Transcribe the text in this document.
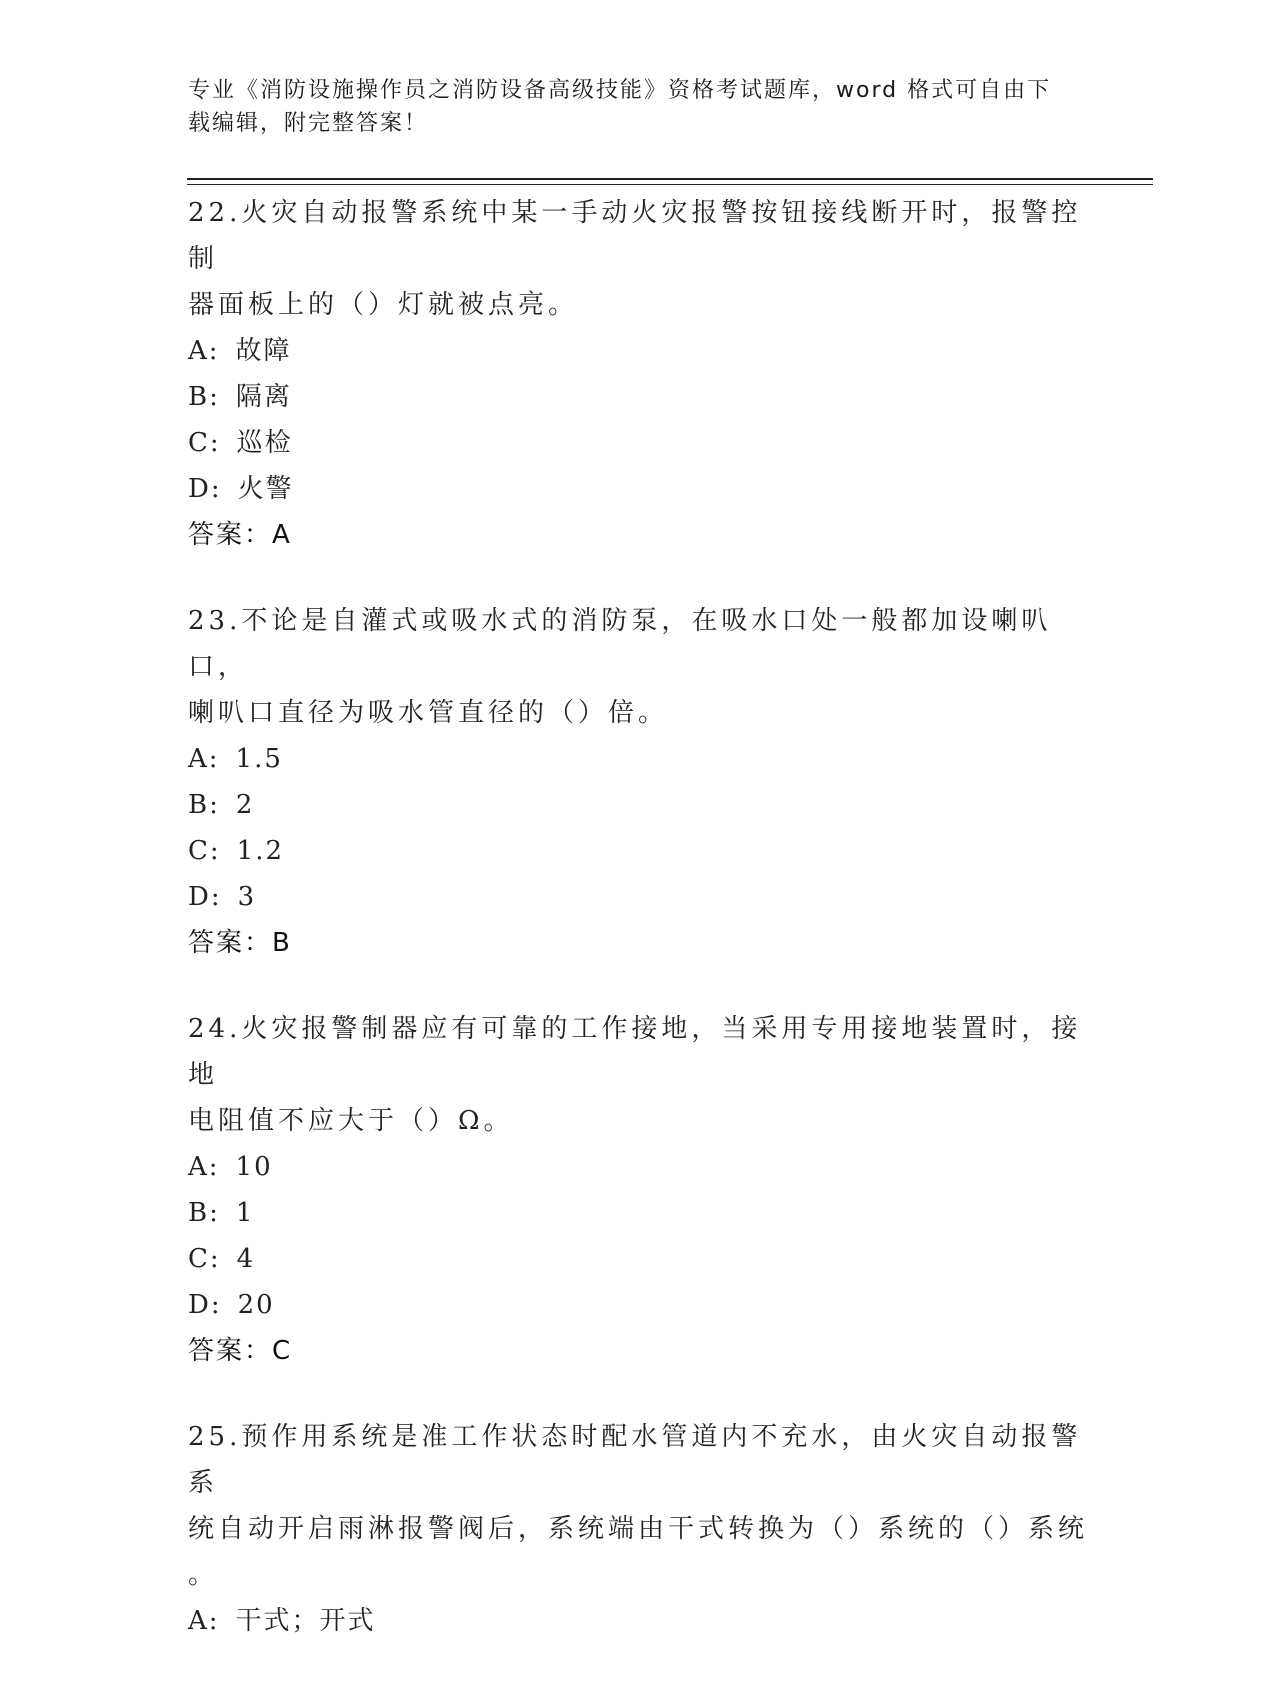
专业《消防设施操作员之消防设备高级技能》资格考试题库，word 格式可自由下
载编辑，附完整答案！
22.火灾自动报警系统中某一手动火灾报警按钮接线断开时，报警控制
器面板上的（）灯就被点亮。
A: 故障
B: 隔离
C: 巡检
D: 火警
答案：A
23.不论是自灌式或吸水式的消防泵，在吸水口处一般都加设喇叭口，
喇叭口直径为吸水管直径的（）倍。
A: 1.5
B: 2
C: 1.2
D: 3
答案：B
24.火灾报警制器应有可靠的工作接地，当采用专用接地装置时，接地
电阻值不应大于（）Ω。
A: 10
B: 1
C: 4
D: 20
答案：C
25.预作用系统是准工作状态时配水管道内不充水，由火灾自动报警系
统自动开启雨淋报警阀后，系统端由干式转换为（）系统的（）系统
。
A: 干式；开式
